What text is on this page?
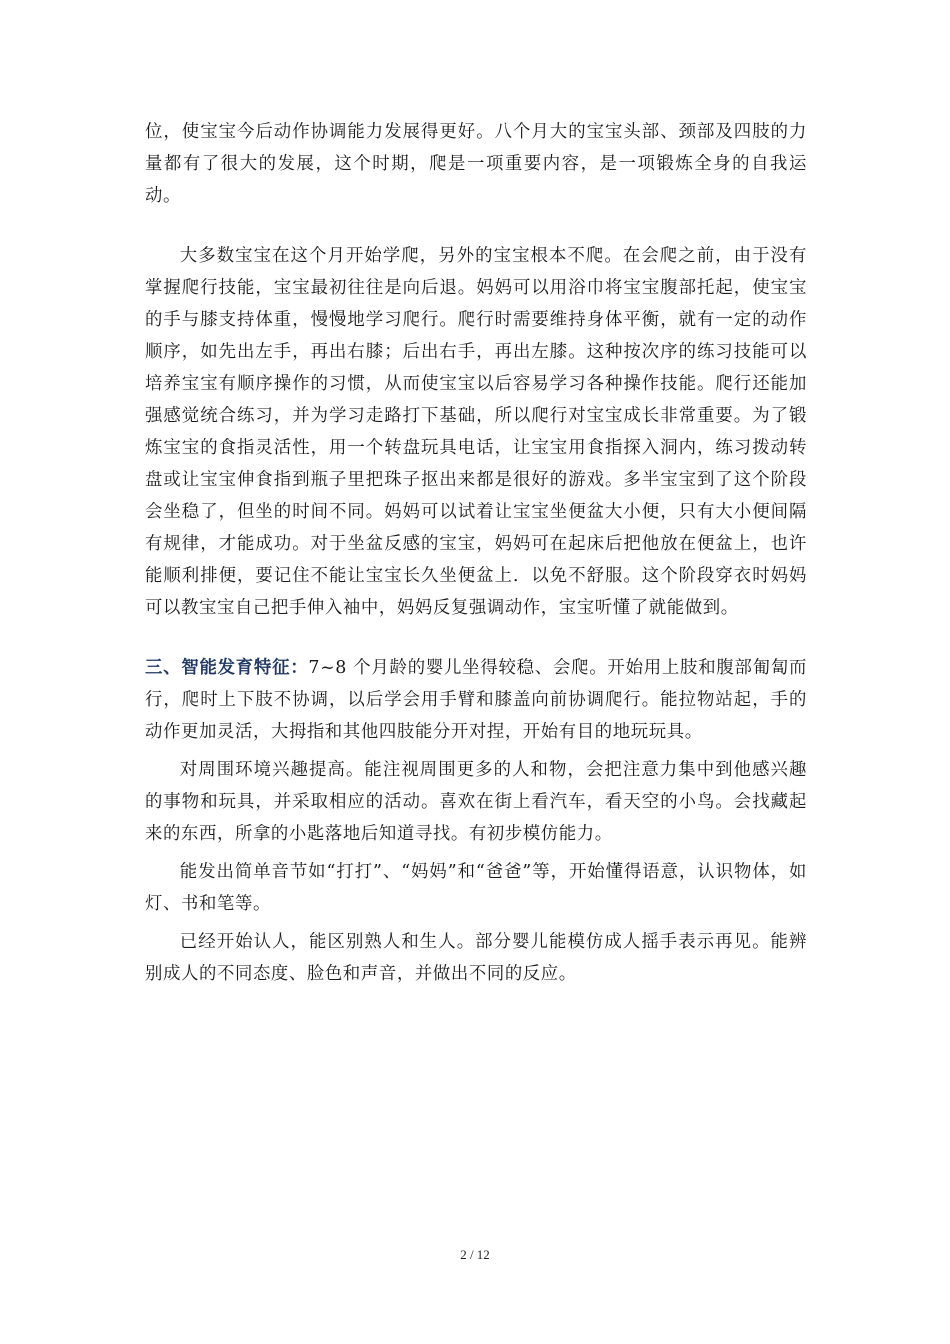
位，使宝宝今后动作协调能力发展得更好。八个月大的宝宝头部、颈部及四肢的力量都有了很大的发展，这个时期，爬是一项重要内容，是一项锻炼全身的自我运动。

大多数宝宝在这个月开始学爬，另外的宝宝根本不爬。在会爬之前，由于没有掌握爬行技能，宝宝最初往往是向后退。妈妈可以用浴巾将宝宝腹部托起，使宝宝的手与膝支持体重，慢慢地学习爬行。爬行时需要维持身体平衡，就有一定的动作顺序，如先出左手，再出右膝；后出右手，再出左膝。这种按次序的练习技能可以培养宝宝有顺序操作的习惯，从而使宝宝以后容易学习各种操作技能。爬行还能加强感觉统合练习，并为学习走路打下基础，所以爬行对宝宝成长非常重要。为了锻炼宝宝的食指灵活性，用一个转盘玩具电话，让宝宝用食指探入洞内，练习拨动转盘或让宝宝伸食指到瓶子里把珠子抠出来都是很好的游戏。多半宝宝到了这个阶段会坐稳了，但坐的时间不同。妈妈可以试着让宝宝坐便盆大小便，只有大小便间隔有规律，才能成功。对于坐盆反感的宝宝，妈妈可在起床后把他放在便盆上，也许能顺利排便，要记住不能让宝宝长久坐便盆上．以免不舒服。这个阶段穿衣时妈妈可以教宝宝自己把手伸入袖中，妈妈反复强调动作，宝宝听懂了就能做到。

三、智能发育特征：7~8 个月龄的婴儿坐得较稳、会爬。开始用上肢和腹部匍匐而行，爬时上下肢不协调，以后学会用手臂和膝盖向前协调爬行。能拉物站起，手的动作更加灵活，大拇指和其他四肢能分开对捏，开始有目的地玩玩具。

对周围环境兴趣提高。能注视周围更多的人和物，会把注意力集中到他感兴趣的事物和玩具，并采取相应的活动。喜欢在街上看汽车，看天空的小鸟。会找藏起来的东西，所拿的小匙落地后知道寻找。有初步模仿能力。

能发出简单音节如“打打”、“妈妈”和“爸爸”等，开始懂得语意，认识物体，如灯、书和笔等。

已经开始认人，能区别熟人和生人。部分婴儿能模仿成人摇手表示再见。能辨别成人的不同态度、脸色和声音，并做出不同的反应。

2 / 12
